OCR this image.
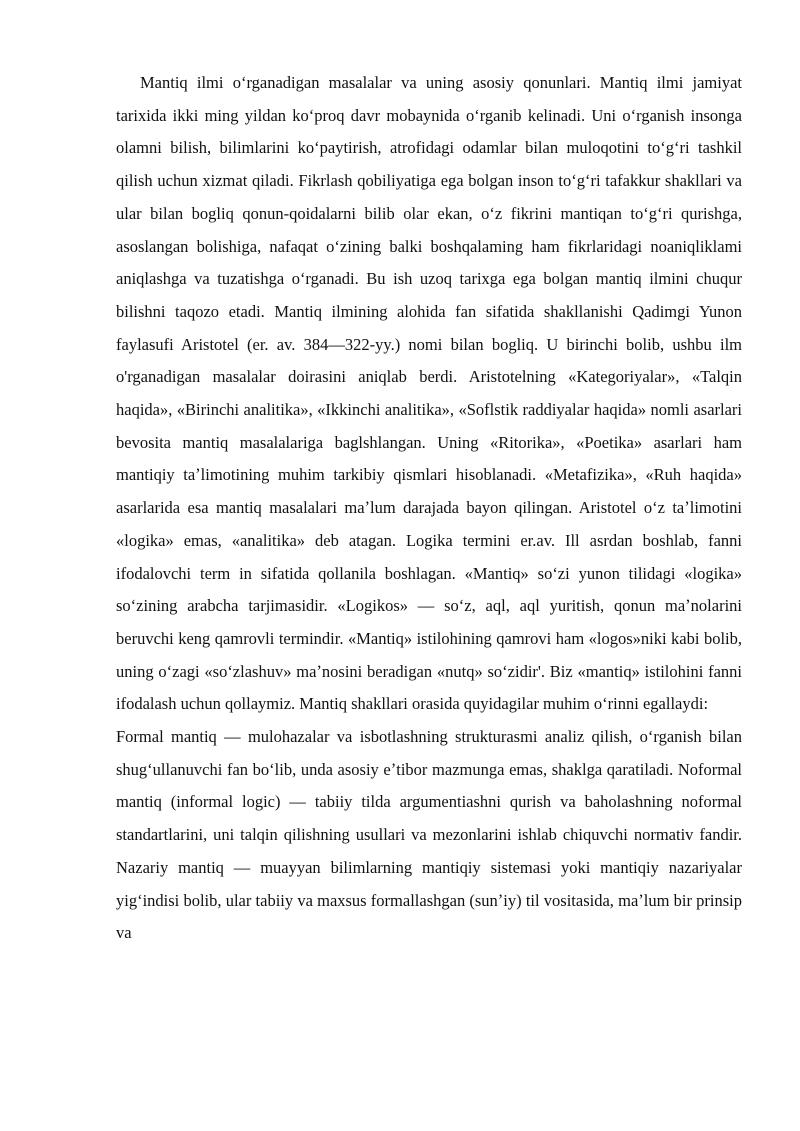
Mantiq ilmi oʻrganadigan masalalar va uning asosiy qonunlari. Mantiq ilmi jamiyat tarixida ikki ming yildan koʻproq davr mobaynida oʻrganib kelinadi. Uni oʻrganish insonga olamni bilish, bilimlarini koʻpaytirish, atrofidagi odamlar bilan muloqotini toʻgʻri tashkil qilish uchun xizmat qiladi. Fikrlash qobiliyatiga ega bolgan inson toʻgʻri tafakkur shakllari va ular bilan bogliq qonun-qoidalarni bilib olar ekan, oʻz fikrini mantiqan toʻgʻri qurishga, asoslangan bolishiga, nafaqat oʻzining balki boshqalaming ham fikrlaridagi noaniqliklami aniqlashga va tuzatishga oʻrganadi. Bu ish uzoq tarixga ega bolgan mantiq ilmini chuqur bilishni taqozo etadi. Mantiq ilmining alohida fan sifatida shakllanishi Qadimgi Yunon faylasufi Aristotel (er. av. 384—322-yy.) nomi bilan bogliq. U birinchi bolib, ushbu ilm o'rganadigan masalalar doirasini aniqlab berdi. Aristotelning «Kategoriyalar», «Talqin haqida», «Birinchi analitika», «Ikkinchi analitika», «Soflstik raddiyalar haqida» nomli asarlari bevosita mantiq masalalariga baglshlangan. Uning «Ritorika», «Poetika» asarlari ham mantiqiy taʼlimotining muhim tarkibiy qismlari hisoblanadi. «Metafizika», «Ruh haqida» asarlarida esa mantiq masalalari maʼlum darajada bayon qilingan. Aristotel oʻz taʼlimotini «logika» emas, «analitika» deb atagan. Logika termini er.av. Ill asrdan boshlab, fanni ifodalovchi term in sifatida qollanila boshlagan. «Mantiq» soʻzi yunon tilidagi «logika» soʻzining arabcha tarjimasidir. «Logikos» — soʻz, aql, aql yuritish, qonun maʼnolarini beruvchi keng qamrovli termindir. «Mantiq» istilohining qamrovi ham «logos»niki kabi bolib, uning oʻzagi «soʻzlashuv» maʼnosini beradigan «nutq» soʻzidir'. Biz «mantiq» istilohini fanni ifodalash uchun qollaymiz. Mantiq shakllari orasida quyidagilar muhim oʻrinni egallaydi:

Formal mantiq — mulohazalar va isbotlashning strukturasmi analiz qilish, oʻrganish bilan shugʻullanuvchi fan boʻlib, unda asosiy eʼtibor mazmunga emas, shaklga qaratiladi. Noformal mantiq (informal logic) — tabiiy tilda argumentiashni qurish va baholashning noformal standartlarini, uni talqin qilishning usullari va mezonlarini ishlab chiquvchi normativ fandir. Nazariy mantiq — muayyan bilimlarning mantiqiy sistemasi yoki mantiqiy nazariyalar yigʻindisi bolib, ular tabiiy va maxsus formallashgan (sunʼiy) til vositasida, maʼlum bir prinsip va
